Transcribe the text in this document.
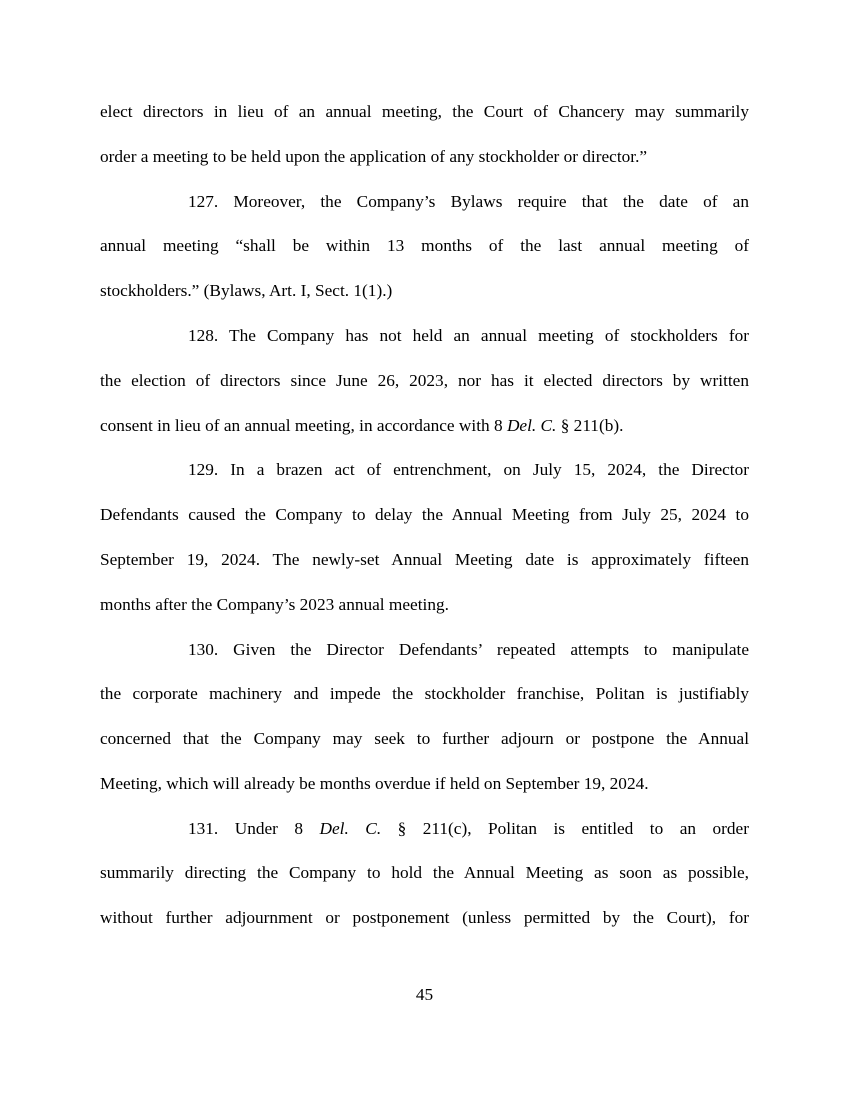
elect directors in lieu of an annual meeting, the Court of Chancery may summarily
order a meeting to be held upon the application of any stockholder or director.”
127. Moreover, the Company’s Bylaws require that the date of an
annual meeting “shall be within 13 months of the last annual meeting of
stockholders.” (Bylaws, Art. I, Sect. 1(1).)
128. The Company has not held an annual meeting of stockholders for
the election of directors since June 26, 2023, nor has it elected directors by written
consent in lieu of an annual meeting, in accordance with 8 Del. C. § 211(b).
129. In a brazen act of entrenchment, on July 15, 2024, the Director
Defendants caused the Company to delay the Annual Meeting from July 25, 2024 to
September 19, 2024. The newly-set Annual Meeting date is approximately fifteen
months after the Company’s 2023 annual meeting.
130. Given the Director Defendants’ repeated attempts to manipulate
the corporate machinery and impede the stockholder franchise, Politan is justifiably
concerned that the Company may seek to further adjourn or postpone the Annual
Meeting, which will already be months overdue if held on September 19, 2024.
131. Under 8 Del. C. § 211(c), Politan is entitled to an order
summarily directing the Company to hold the Annual Meeting as soon as possible,
without further adjournment or postponement (unless permitted by the Court), for
45
